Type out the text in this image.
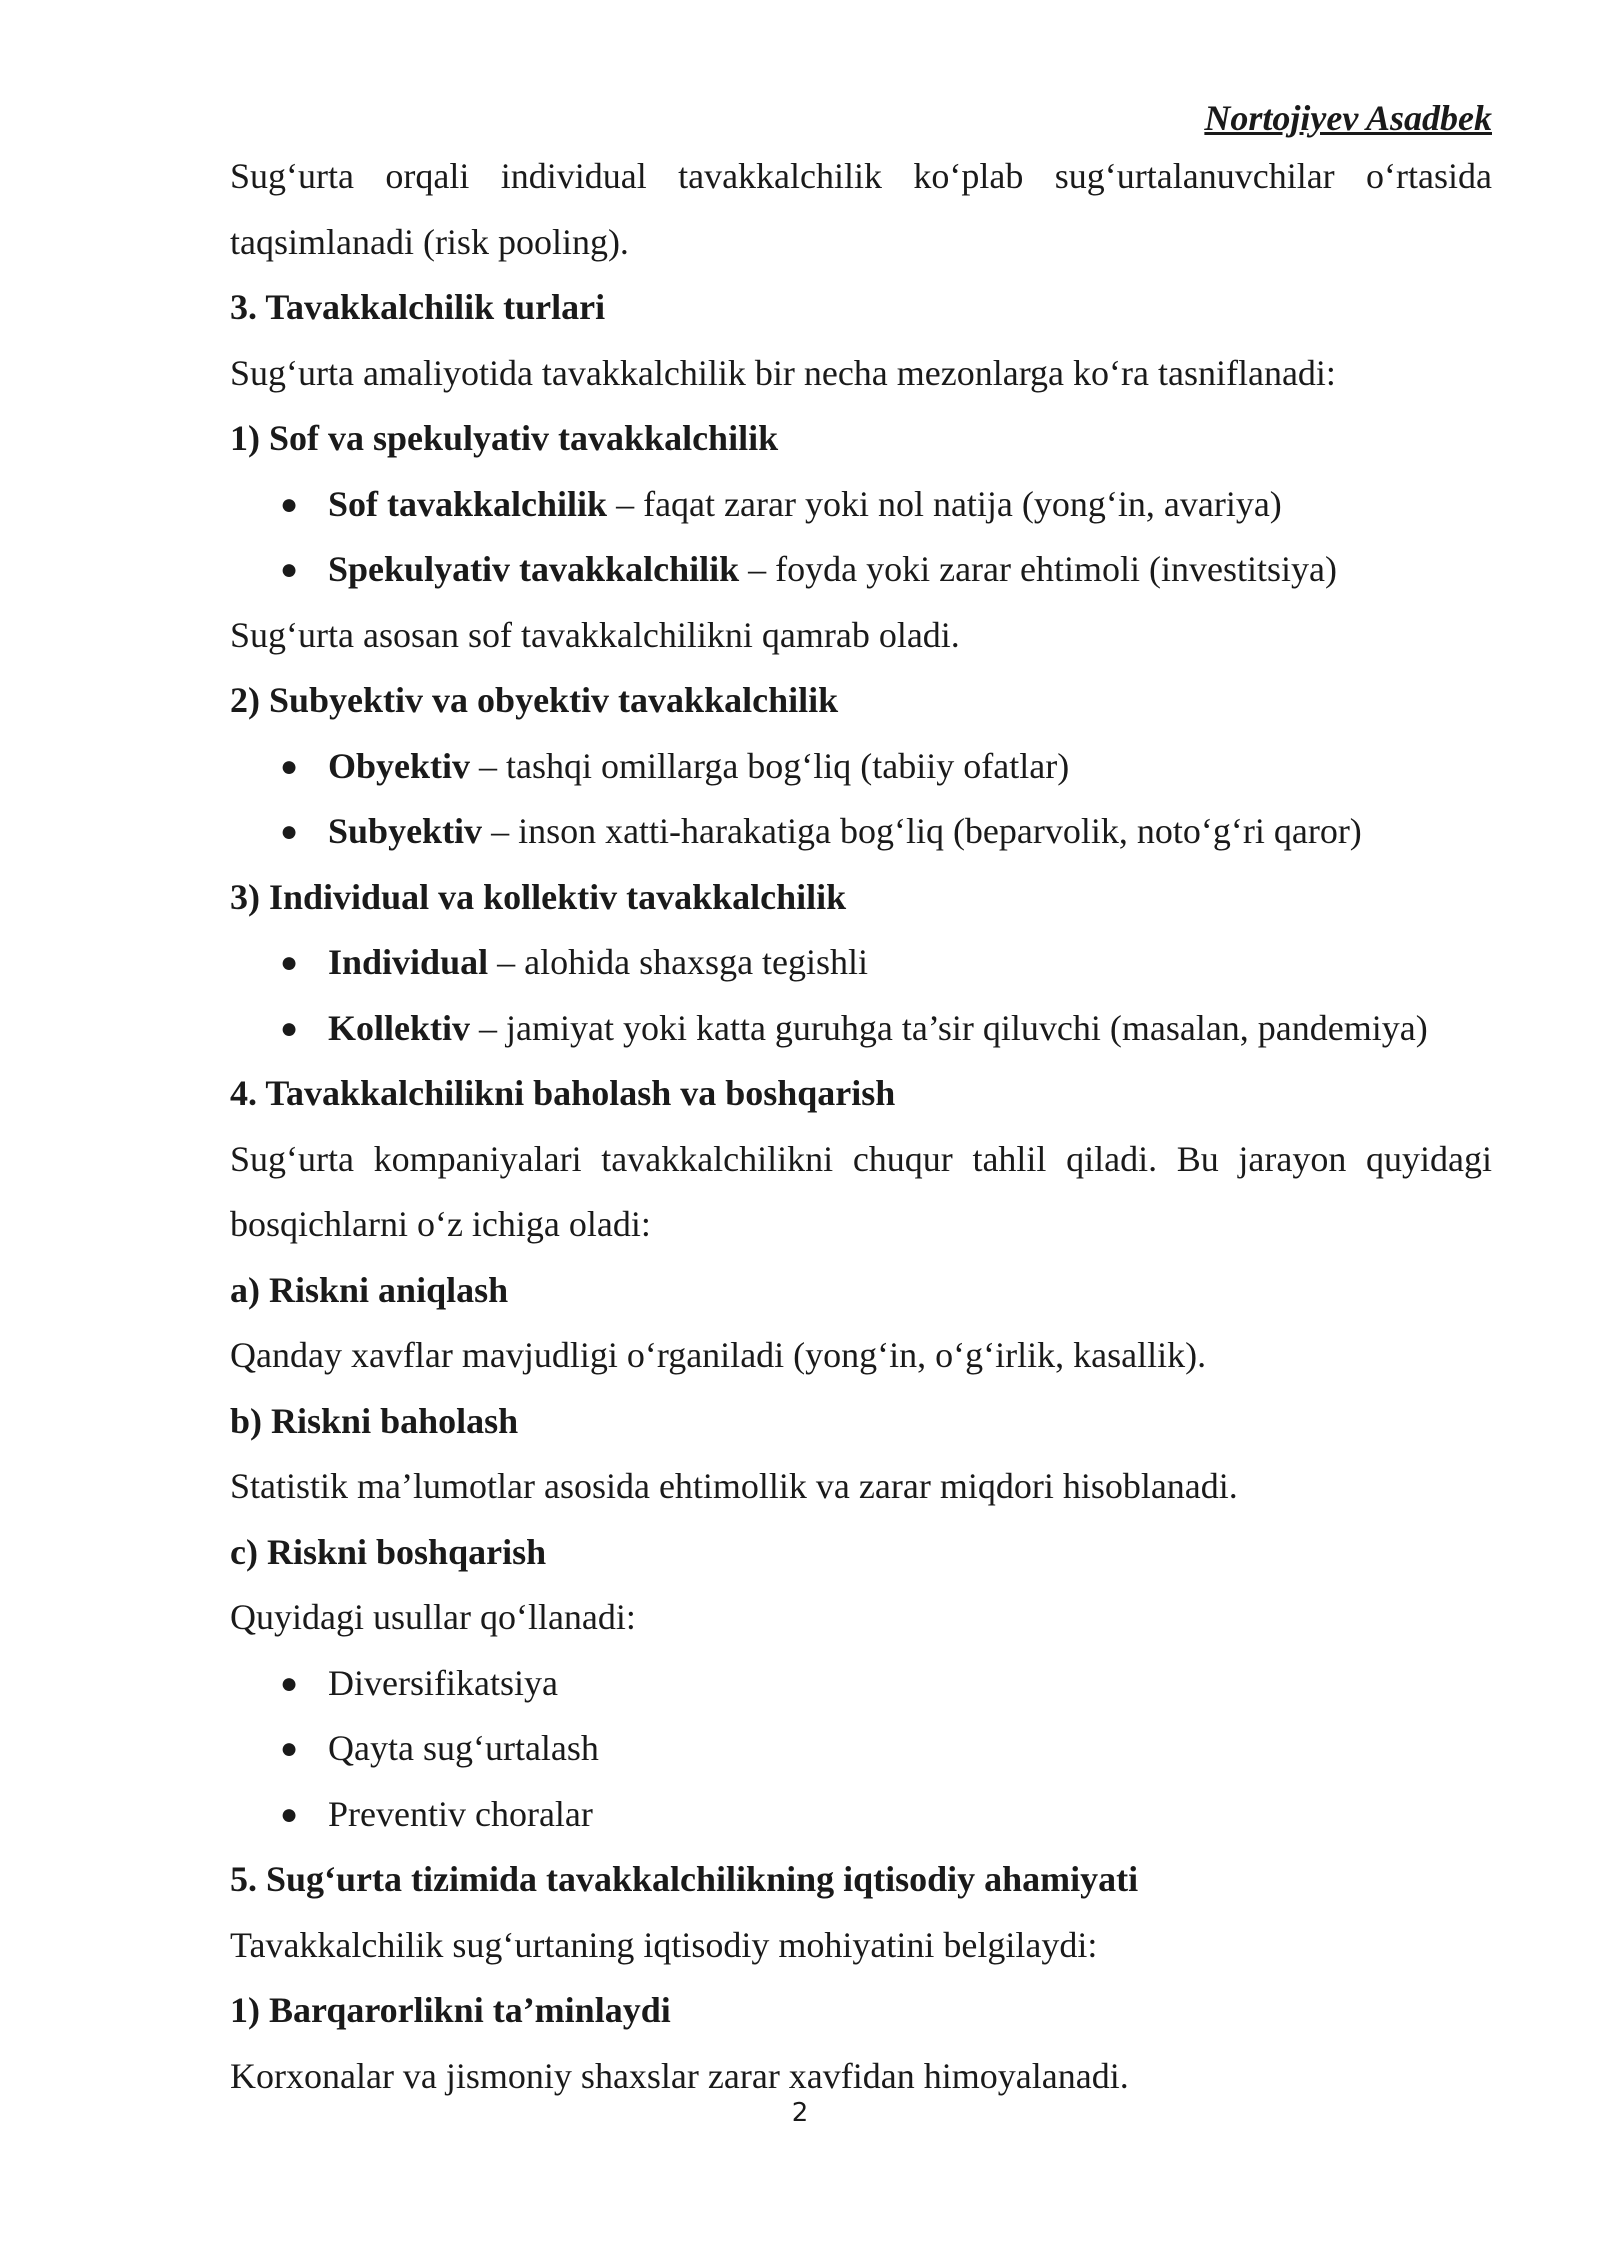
Nortojiyev Asadbek

Sug‘urta orqali individual tavakkalchilik ko‘plab sug‘urtalanuvchilar o‘rtasida

taqsimlanadi (risk pooling).

3. Tavakkalchilik turlari

Sug‘urta amaliyotida tavakkalchilik bir necha mezonlarga ko‘ra tasniflanadi:

1) Sof va spekulyativ tavakkalchilik

● Sof tavakkalchilik – faqat zarar yoki nol natija (yong‘in, avariya)
● Spekulyativ tavakkalchilik – foyda yoki zarar ehtimoli (investitsiya)

Sug‘urta asosan sof tavakkalchilikni qamrab oladi.

2) Subyektiv va obyektiv tavakkalchilik

● Obyektiv – tashqi omillarga bog‘liq (tabiiy ofatlar)
● Subyektiv – inson xatti-harakatiga bog‘liq (beparvolik, noto‘g‘ri qaror)

3) Individual va kollektiv tavakkalchilik

● Individual – alohida shaxsga tegishli
● Kollektiv – jamiyat yoki katta guruhga ta’sir qiluvchi (masalan, pandemiya)

4. Tavakkalchilikni baholash va boshqarish

Sug‘urta kompaniyalari tavakkalchilikni chuqur tahlil qiladi. Bu jarayon quyidagi

bosqichlarni o‘z ichiga oladi:

a) Riskni aniqlash

Qanday xavflar mavjudligi o‘rganiladi (yong‘in, o‘g‘irlik, kasallik).

b) Riskni baholash

Statistik ma’lumotlar asosida ehtimollik va zarar miqdori hisoblanadi.

c) Riskni boshqarish

Quyidagi usullar qo‘llanadi:

● Diversifikatsiya
● Qayta sug‘urtalash
● Preventiv choralar

5. Sug‘urta tizimida tavakkalchilikning iqtisodiy ahamiyati

Tavakkalchilik sug‘urtaning iqtisodiy mohiyatini belgilaydi:

1) Barqarorlikni ta’minlaydi

Korxonalar va jismoniy shaxslar zarar xavfidan himoyalanadi.

2
